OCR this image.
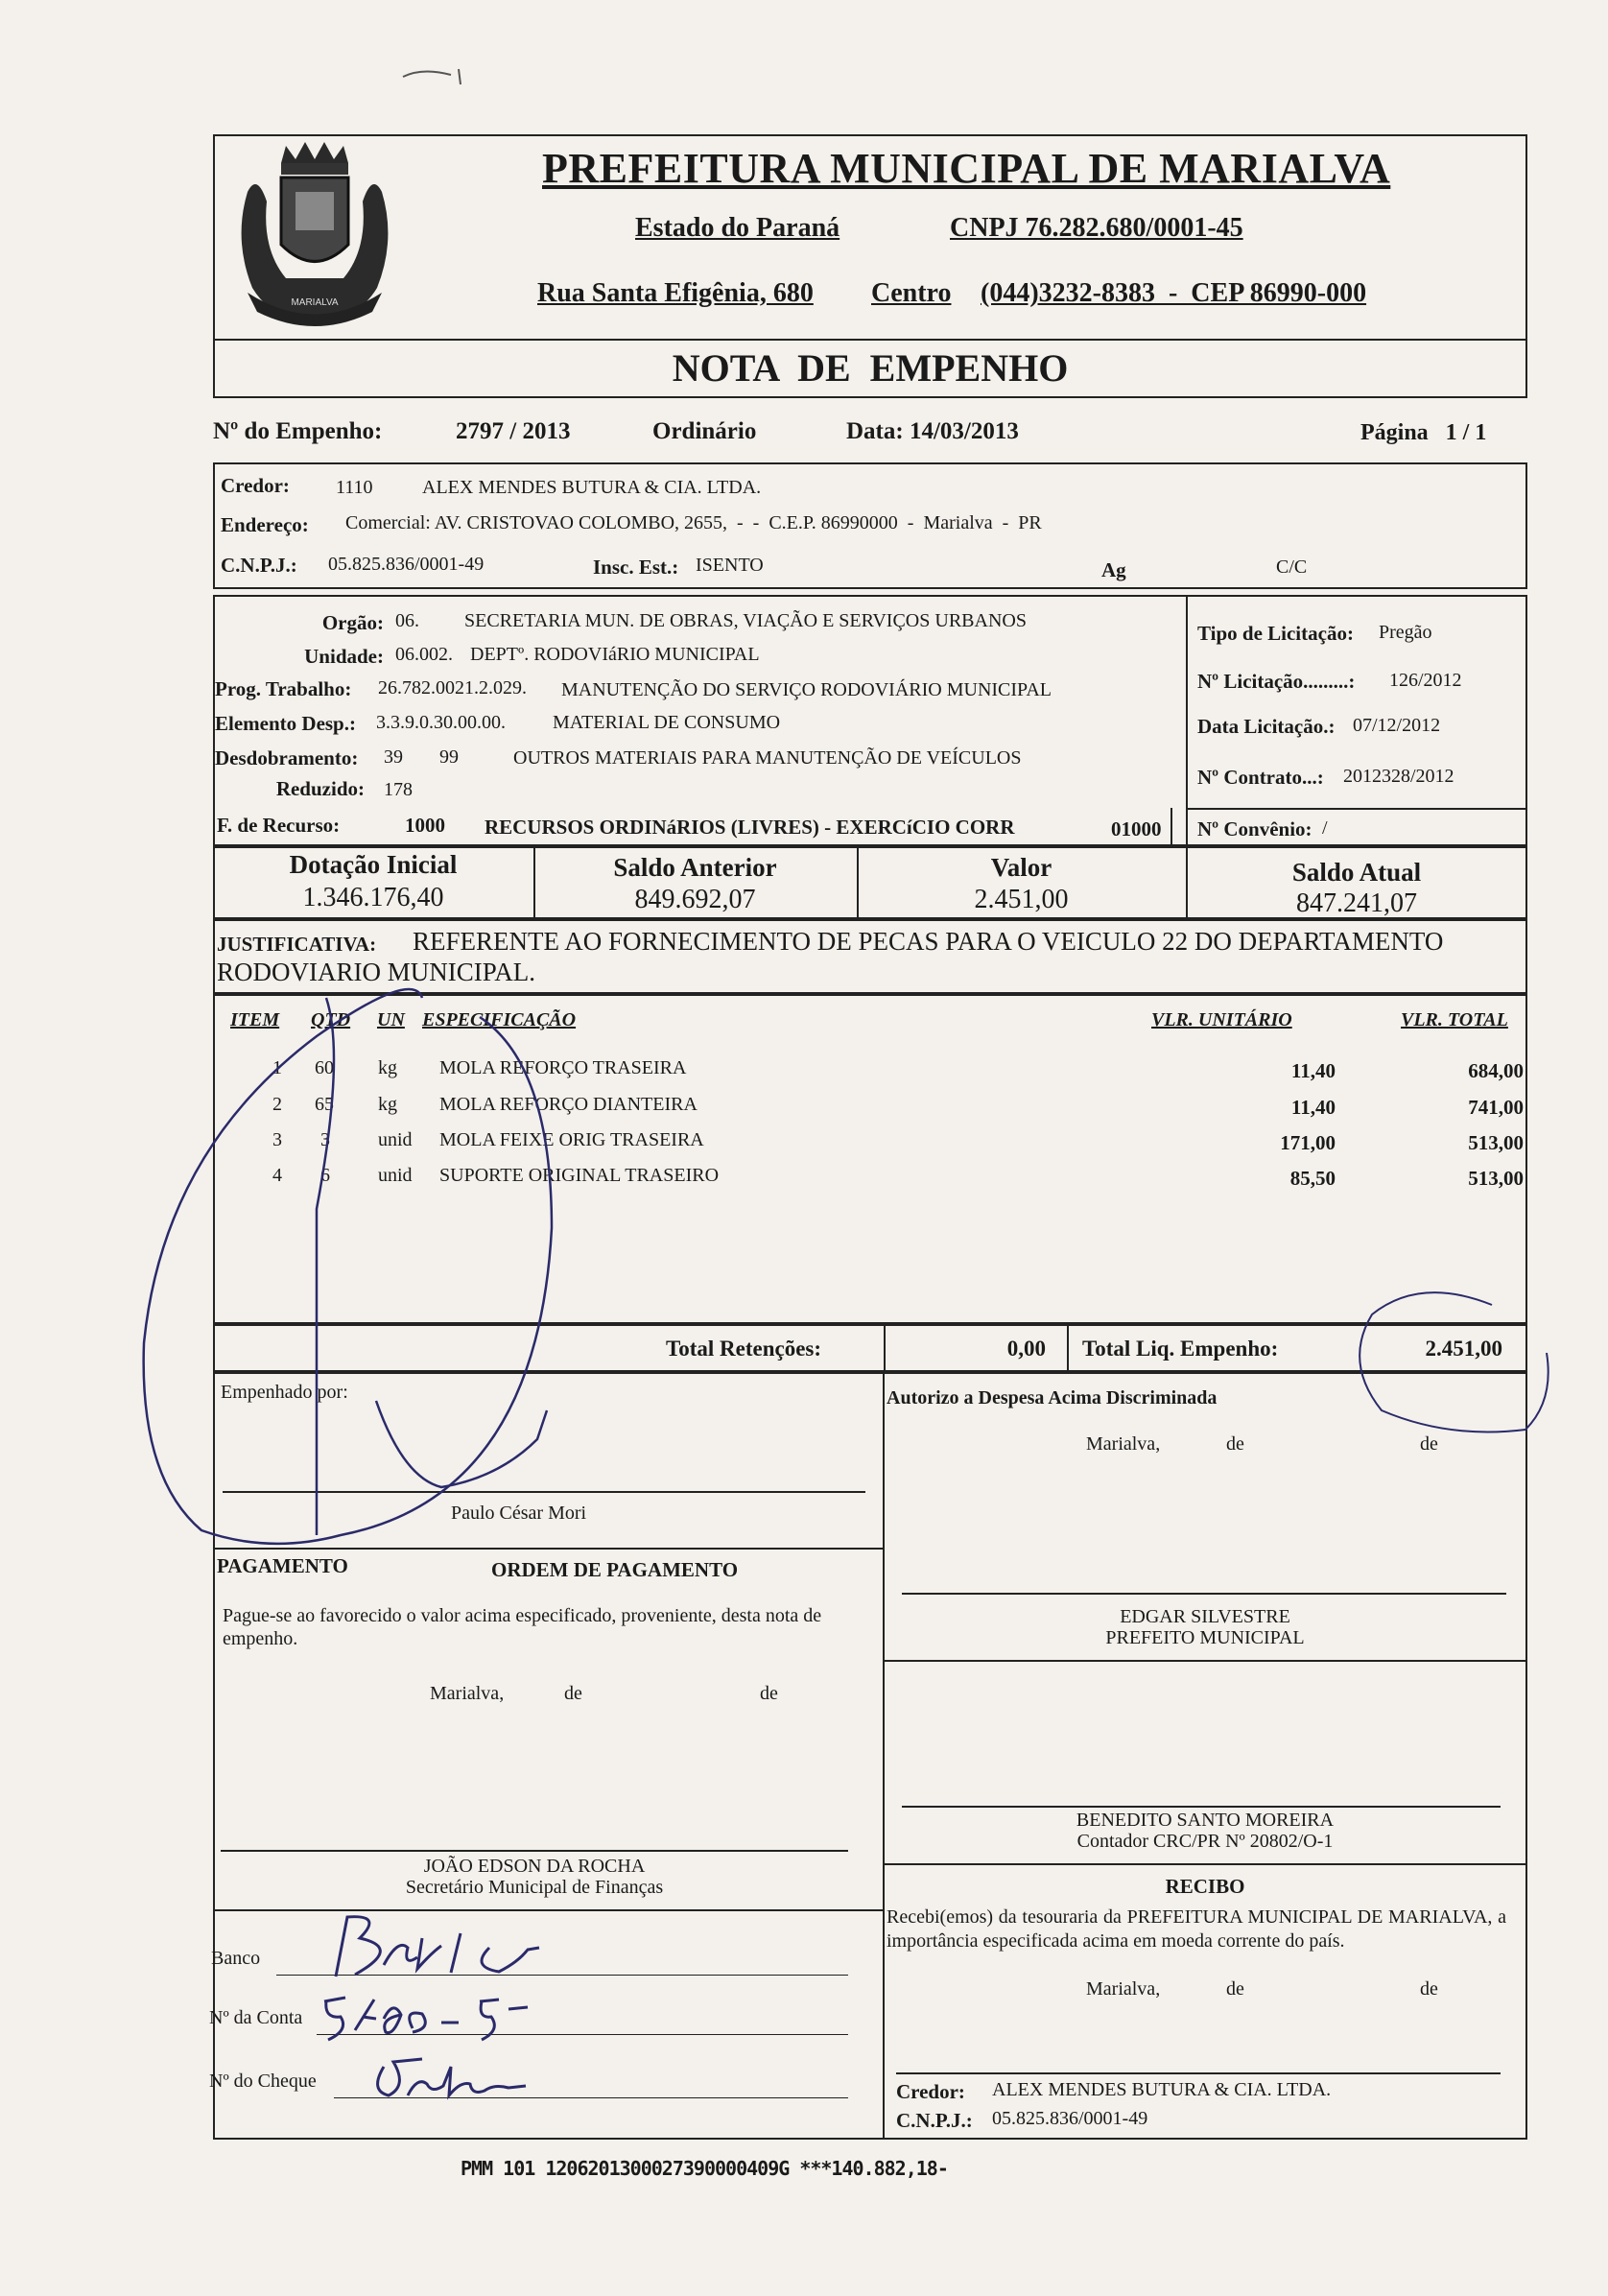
MARIALVA
PREFEITURA MUNICIPAL DE MARIALVA
Estado do Paraná	CNPJ 76.282.680/0001-45
Rua Santa Efigênia, 680 Centro (044)3232-8383  -  CEP 86990-000
NOTA  DE  EMPENHO
Nº do Empenho:	2797 / 2013	Ordinário	Data: 14/03/2013	Página   1 / 1
Credor: 1110	ALEX MENDES BUTURA & CIA. LTDA.
Endereço: Comercial: AV. CRISTOVAO COLOMBO, 2655,  -  -  C.E.P. 86990000  -  Marialva  -  PR
C.N.P.J.: 05.825.836/0001-49	Insc. Est.: ISENTO	Ag	C/C
Orgão: 06. SECRETARIA MUN. DE OBRAS, VIAÇÃO E SERVIÇOS URBANOS
Unidade: 06.002. DEPTº. RODOVIáRIO MUNICIPAL
Prog. Trabalho: 26.782.0021.2.029. MANUTENÇÃO DO SERVIÇO RODOVIÁRIO MUNICIPAL
Elemento Desp.: 3.3.9.0.30.00.00. MATERIAL DE CONSUMO
Desdobramento: 39 99	OUTROS MATERIAIS PARA MANUTENÇÃO DE VEÍCULOS
Reduzido: 178
F. de Recurso:	1000 RECURSOS ORDINáRIOS (LIVRES) - EXERCíCIO CORR	01000
Tipo de Licitação: Pregão
Nº Licitação.........: 126/2012
Data Licitação.: 07/12/2012
Nº Contrato...: 2012328/2012
Nº Convênio: /
Dotação Inicial
1.346.176,40
Saldo Anterior
849.692,07
Valor
2.451,00
Saldo Atual
847.241,07
JUSTIFICATIVA: REFERENTE AO FORNECIMENTO DE PECAS PARA O VEICULO 22 DO DEPARTAMENTO
RODOVIARIO MUNICIPAL.
ITEM QTD UN ESPECIFICAÇÃO	VLR. UNITÁRIO	VLR. TOTAL
1 60 kg MOLA REFORÇO TRASEIRA	11,40	684,00
2 65 kg MOLA REFORÇO DIANTEIRA	11,40	741,00
3 3	unid MOLA FEIXE ORIG TRASEIRA	171,00	513,00
4 6	unid SUPORTE ORIGINAL TRASEIRO	85,50	513,00
Total Retenções:	0,00 Total Liq. Empenho:	2.451,00
Empenhado por:
Paulo César Mori
Autorizo a Despesa Acima Discriminada
Marialva,	de	de
EDGAR SILVESTRE
PREFEITO MUNICIPAL
PAGAMENTO	ORDEM DE PAGAMENTO
Pague-se ao favorecido o valor acima especificado, proveniente, desta nota de empenho.
Marialva,	de	de
BENEDITO SANTO MOREIRA
Contador CRC/PR Nº 20802/O-1
JOÃO EDSON DA ROCHA
Secretário Municipal de Finanças	RECIBO
Recebi(emos) da tesouraria da PREFEITURA MUNICIPAL DE MARIALVA, a importância especificada acima em moeda corrente do país.
Marialva,	de	de
Credor: ALEX MENDES BUTURA & CIA. LTDA.
C.N.P.J.: 05.825.836/0001-49
Banco
Nº da Conta
Nº do Cheque
PMM 101 1206201300027390000409G ***140.882,18-
